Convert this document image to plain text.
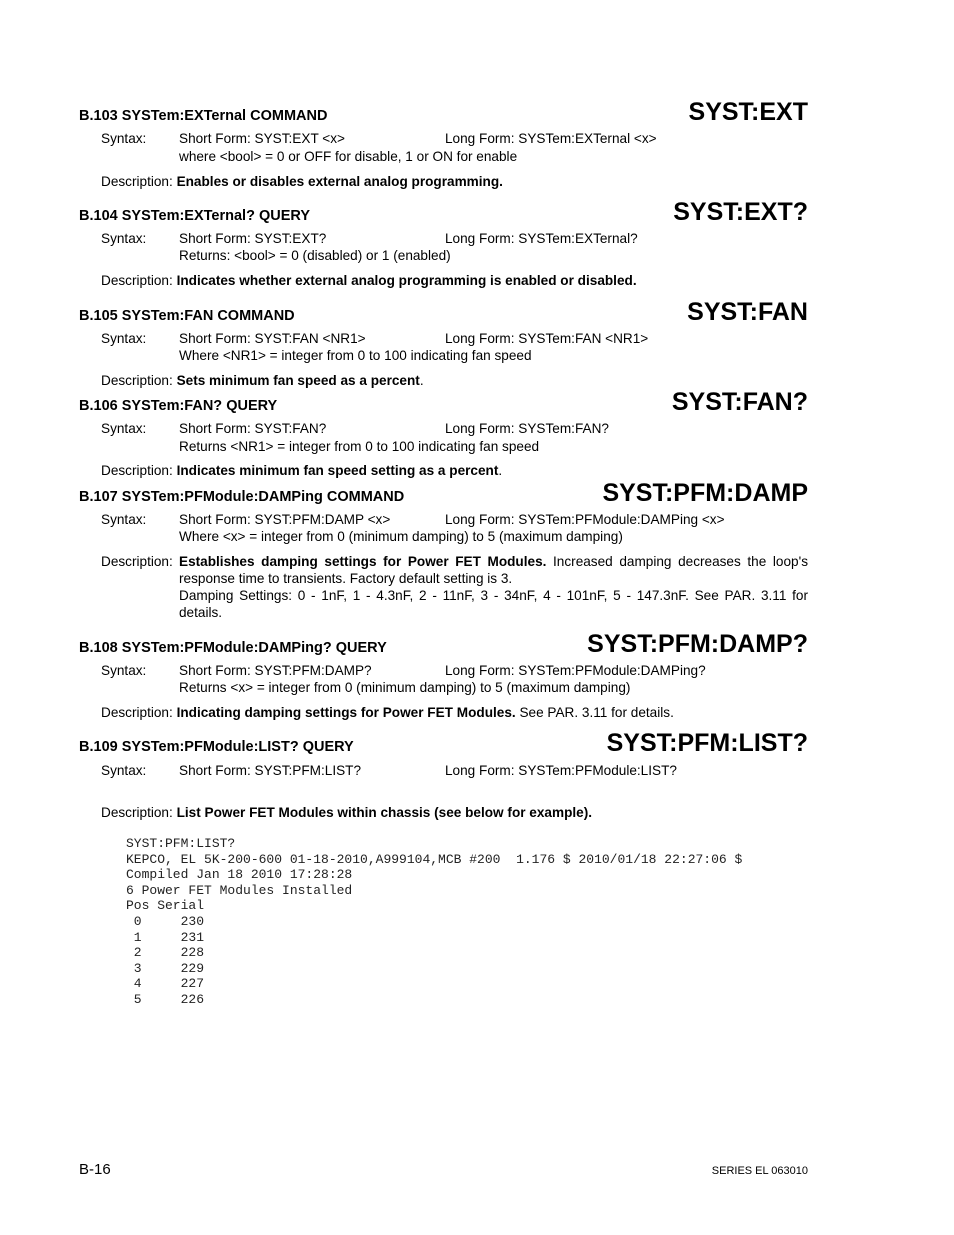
B.103 SYSTem:EXTernal COMMAND	SYST:EXT
Syntax: Short Form: SYST:EXT <x>	Long Form: SYSTem:EXTernal <x>
where <bool> = 0 or OFF for disable, 1 or ON for enable
Description: Enables or disables external analog programming.
B.104 SYSTem:EXTernal? QUERY	SYST:EXT?
Syntax: Short Form: SYST:EXT?	Long Form: SYSTem:EXTernal?
Returns: <bool> = 0 (disabled) or 1 (enabled)
Description: Indicates whether external analog programming is enabled or disabled.
B.105 SYSTem:FAN COMMAND	SYST:FAN
Syntax: Short Form: SYST:FAN <NR1>	Long Form: SYSTem:FAN <NR1>
Where <NR1> = integer from 0 to 100 indicating fan speed
Description: Sets minimum fan speed as a percent.
B.106 SYSTem:FAN? QUERY	SYST:FAN?
Syntax: Short Form: SYST:FAN?	Long Form: SYSTem:FAN?
Returns <NR1> = integer from 0 to 100 indicating fan speed
Description: Indicates minimum fan speed setting as a percent.
B.107 SYSTem:PFModule:DAMPing COMMAND	SYST:PFM:DAMP
Syntax: Short Form: SYST:PFM:DAMP <x>	Long Form: SYSTem:PFModule:DAMPing <x>
Where <x> = integer from 0 (minimum damping) to 5 (maximum damping)
Description: Establishes damping settings for Power FET Modules. Increased damping decreases the loop's
response time to transients. Factory default setting is 3.
Damping Settings: 0 - 1nF, 1 - 4.3nF, 2 - 11nF, 3 - 34nF, 4 - 101nF, 5 - 147.3nF. See PAR. 3.11 for
details.
B.108 SYSTem:PFModule:DAMPing? QUERY	SYST:PFM:DAMP?
Syntax: Short Form: SYST:PFM:DAMP?	Long Form: SYSTem:PFModule:DAMPing?
Returns <x> = integer from 0 (minimum damping) to 5 (maximum damping)
Description: Indicating damping settings for Power FET Modules. See PAR. 3.11 for details.
B.109 SYSTem:PFModule:LIST? QUERY	SYST:PFM:LIST?
Syntax: Short Form: SYST:PFM:LIST?	Long Form: SYSTem:PFModule:LIST?
Description: List Power FET Modules within chassis (see below for example).
SYST:PFM:LIST?
KEPCO, EL 5K-200-600 01-18-2010,A999104,MCB #200  1.176 $ 2010/01/18 22:27:06 $
Compiled Jan 18 2010 17:28:28
6 Power FET Modules Installed
Pos Serial
0     230
1     231
2     228
3     229
4     227
5     226
B-16	SERIES EL 063010
